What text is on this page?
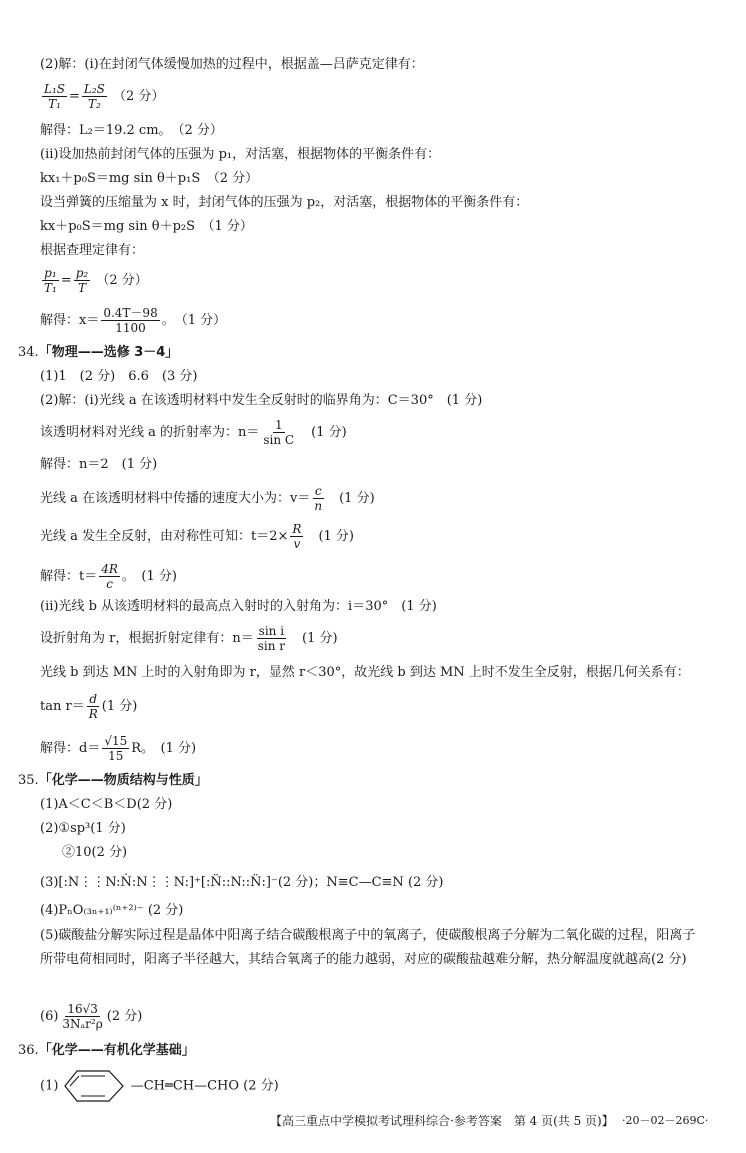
(2)解：(ⅰ)在封闭气体缓慢加热的过程中，根据盖—吕萨克定律有：
$\frac{\text{L₁S}}{\text{T₁}} = \frac{\text{L₂S}}{\text{T₂}} (2$ 分）
解得：L₂＝19.2 cm。　（2 分）
(ⅱ)设加热前封闭气体的压强为 p₁，对活塞，根据物体的平衡条件有：
kx₁＋p₀S＝mg sin θ＋p₁S　（2 分）
设当弹簧的压缩量为 x 时，封闭气体的压强为 p₂，对活塞，根据物体的平衡条件有：
kx＋p₀S＝mg sin θ＋p₂S　（1 分）
根据查理定律有：
$\frac{\text{p₁}}{\text{T₁}} = \frac{\text{p₂}}{T} (2$ 分）
解得：$x= \frac{0.4T-98}{1100}$ 。　（1 分）
34.「物理——选修 3－4」
(1)1　(2 分)　6.6　(3 分)
(2)解：(ⅰ)光线 a 在该透明材料中发生全反射时的临界角为：C＝30°　(1 分)
该透明材料对光线 a 的折射率为：$n= \frac{1}{\text{sin C}}$ 　(1 分)
解得：n＝2　(1 分)
光线 a 在该透明材料中传播的速度大小为：$v= \frac{c}{n}$ 　(1 分)
光线 a 发生全反射，由对称性可知：$t=2\times \frac{R}{v}$ 　(1 分)
解得：$t= \frac{4R}{c}$ 。　(1 分)
(ⅱ)光线 b 从该透明材料的最高点入射时的入射角为：i＝30°　(1 分)
设折射角为 r，根据折射定律有：$n= \frac{\text{sin i}}{\text{sin r}}$ 　(1 分)
光线 b 到达 MN 上时的入射角即为 r，显然 r＜30°，故光线 b 到达 MN 上时不发生全反射，根据几何关系有：
$\tan r= \frac{d}{R} (1$ 分)
解得：$d= \frac{√15}{15}$ R。　(1 分)
35.「化学——物质结构与性质」
(1)A＜C＜B＜D(2 分)
(2)①sp³(1 分)
②10(2 分)
(3)[:N⋮⋮N:Ṅ:N⋮⋮N:]⁺[:N̈::N::N̈:]⁻(2 分)；N≡C—C≡N (2 分)
(4)PₙO₍₃ₙ₊₁₎⁽ⁿ⁺²⁾⁻ (2 分)
(5)碳酸盐分解实际过程是晶体中阳离子结合碳酸根离子中的氧离子，使碳酸根离子分解为二氧化碳的过程，阳离子所带电荷相同时，阳离子半径越大，其结合氧离子的能力越弱，对应的碳酸盐越难分解，热分解温度就越高(2 分)
$(6) \frac{16√3}{\text{3Nₐr²ρ}} (2$ 分)
36.「化学——有机化学基础」
(1)	—CH═CH—CHO (2 分)
【高三重点中学模拟考试理科综合·参考答案　第 4 页(共 5 页)】 ·20－02－269C·
